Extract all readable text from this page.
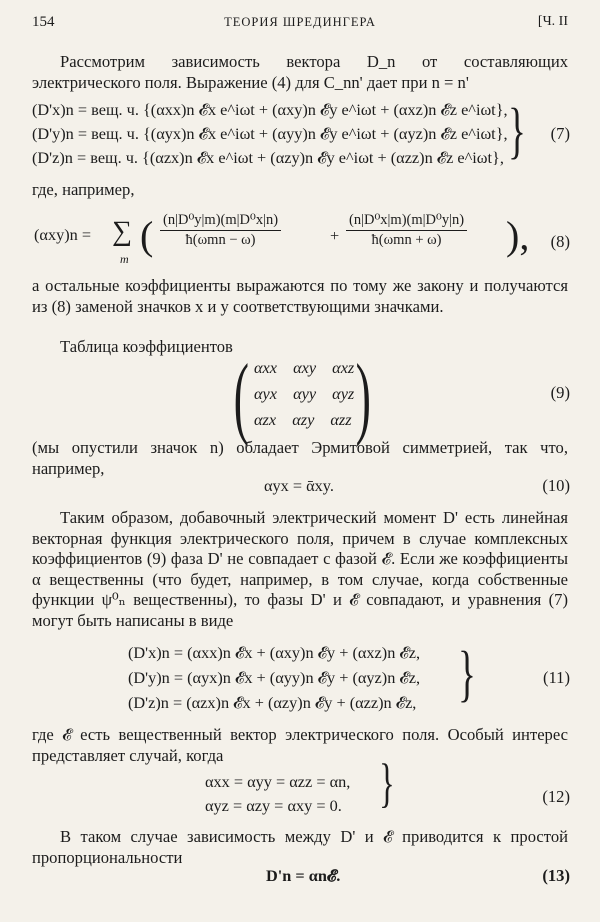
154	ТЕОРИЯ ШРЕДИНГЕРА	[Ч. II
Рассмотрим зависимость вектора D_n от составляющих электрического поля. Выражение (4) для C_nn' дает при n = n'
(D'x)n = вещ. ч. {(αxx)n 𝓔x e^iωt + (αxy)n 𝓔y e^iωt + (αxz)n 𝓔z e^iωt},
(D'y)n = вещ. ч. {(αyx)n 𝓔x e^iωt + (αyy)n 𝓔y e^iωt + (αyz)n 𝓔z e^iωt},
(D'z)n = вещ. ч. {(αzx)n 𝓔x e^iωt + (αzy)n 𝓔y e^iωt + (αzz)n 𝓔z e^iωt}, } (7)
где, например,
(αxy)n = ∑
m
( $\frac{\text{(n|D⁰y|m)(m|D⁰x|n)}}{\text{ħ(ωmn − ω)}}$	+ $\frac{\text{(n|D⁰x|m)(m|D⁰y|n)}}{\text{ħ(ωmn + ω)}}$ ), (8)
а остальные коэффициенты выражаются по тому же закону и получаются из (8) заменой значков x и y соответствующими значками.
Таблица коэффициентов ( αxx αxy αxz
αyx αyy αyz
αzx αzy αzz )	(9)
(мы опустили значок n) обладает Эрмитовой симметрией, так что, например,
αyx = ᾱxy.	(10)
Таким образом, добавочный электрический момент D' есть линейная векторная функция электрического поля, причем в случае комплексных коэффициентов (9) фаза D' не совпадает с фазой 𝓔. Если же коэффициенты α вещественны (что будет, например, в том случае, когда собственные функции ψ⁰ₙ вещественны), то фазы D' и 𝓔 совпадают, и уравнения (7) могут быть написаны в виде
(D'x)n = (αxx)n 𝓔x + (αxy)n 𝓔y + (αxz)n 𝓔z,
(D'y)n = (αyx)n 𝓔x + (αyy)n 𝓔y + (αyz)n 𝓔z,
(D'z)n = (αzx)n 𝓔x + (αzy)n 𝓔y + (αzz)n 𝓔z, }	(11)
где 𝓔 есть вещественный вектор электрического поля. Особый интерес представляет случай, когда
αxx = αyy = αzz = αn,
αyz = αzy = αxy = 0. }	(12)
В таком случае зависимость между D' и 𝓔 приводится к простой пропорциональности
D'n = αn𝓔.	(13)
